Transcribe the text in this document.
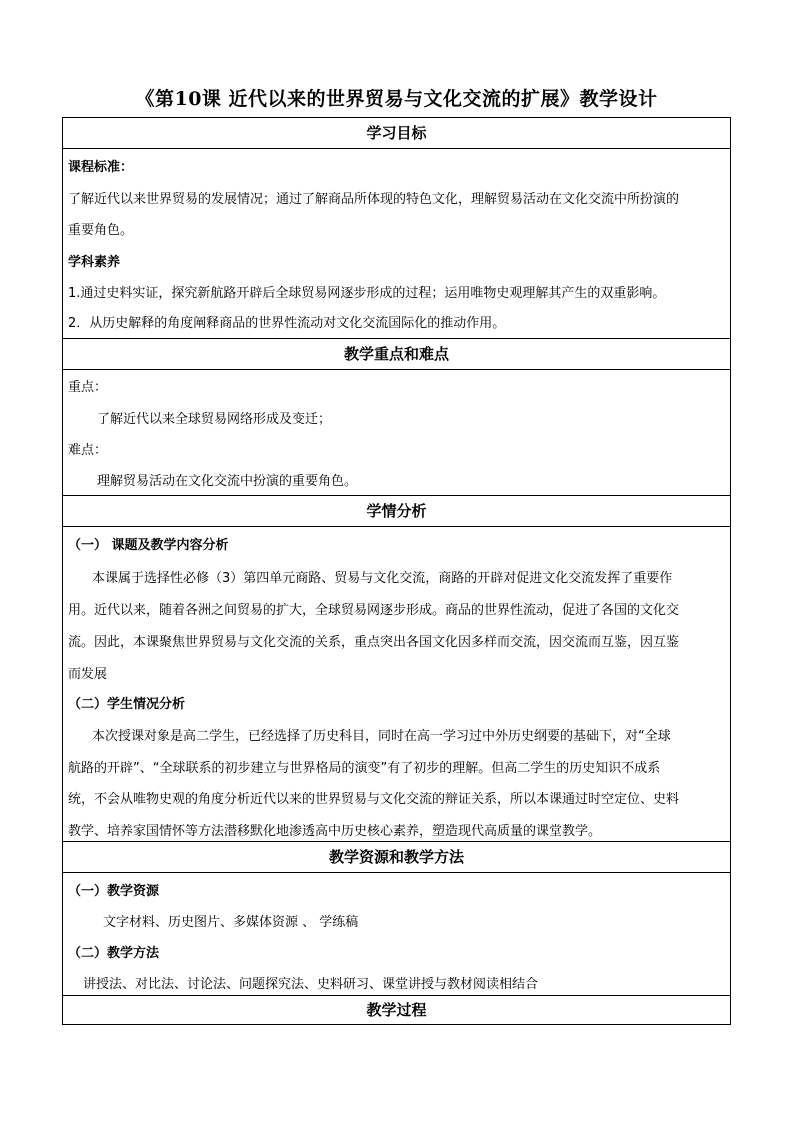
《第10课 近代以来的世界贸易与文化交流的扩展》教学设计
学习目标
课程标准：
了解近代以来世界贸易的发展情况；通过了解商品所体现的特色文化，理解贸易活动在文化交流中所扮演的
重要角色。
学科素养
1.通过史料实证，探究新航路开辟后全球贸易网逐步形成的过程；运用唯物史观理解其产生的双重影响。
2．从历史解释的角度阐释商品的世界性流动对文化交流国际化的推动作用。
教学重点和难点
重点：
了解近代以来全球贸易网络形成及变迁；
难点：
理解贸易活动在文化交流中扮演的重要角色。
学情分析
（一） 课题及教学内容分析
本课属于选择性必修（3）第四单元商路、贸易与文化交流，商路的开辟对促进文化交流发挥了重要作
用。近代以来，随着各洲之间贸易的扩大，全球贸易网逐步形成。商品的世界性流动，促进了各国的文化交
流。因此，本课聚焦世界贸易与文化交流的关系，重点突出各国文化因多样而交流，因交流而互鉴，因互鉴
而发展
（二）学生情况分析
本次授课对象是高二学生，已经选择了历史科目，同时在高一学习过中外历史纲要的基础下，对“全球
航路的开辟”、“全球联系的初步建立与世界格局的演变”有了初步的理解。但高二学生的历史知识不成系
统，不会从唯物史观的角度分析近代以来的世界贸易与文化交流的辩证关系，所以本课通过时空定位、史料
教学、培养家国情怀等方法潜移默化地渗透高中历史核心素养，塑造现代高质量的课堂教学。
教学资源和教学方法
（一）教学资源
文字材料、历史图片、多媒体资源 、 学练稿
（二）教学方法
讲授法、对比法、讨论法、问题探究法、史料研习、课堂讲授与教材阅读相结合
教学过程
